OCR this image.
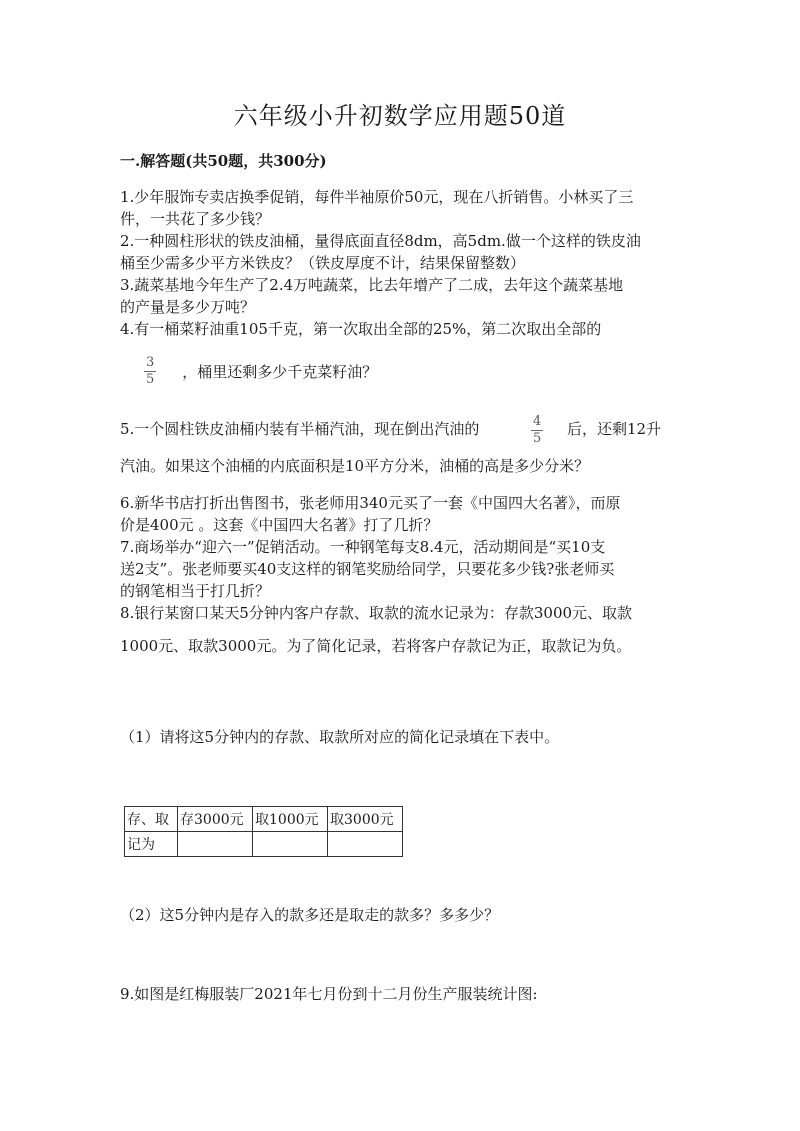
六年级小升初数学应用题50道
一.解答题(共50题，共300分)
1.少年服饰专卖店换季促销，每件半袖原价50元，现在八折销售。小林买了三
件，一共花了多少钱？
2.一种圆柱形状的铁皮油桶，量得底面直径8dm，高5dm.做一个这样的铁皮油
桶至少需多少平方米铁皮？（铁皮厚度不计，结果保留整数）
3.蔬菜基地今年生产了2.4万吨蔬菜，比去年增产了二成，去年这个蔬菜基地
的产量是多少万吨？
4.有一桶菜籽油重105千克，第一次取出全部的25%，第二次取出全部的
$\frac{3}{5}$ ，桶里还剩多少千克菜籽油？
5.一个圆柱铁皮油桶内装有半桶汽油，现在倒出汽油的	$\frac{4}{5}$ 后，还剩12升
汽油。如果这个油桶的内底面积是10平方分米，油桶的高是多少分米？
6.新华书店打折出售图书，张老师用340元买了一套《中国四大名著》，而原
价是400元 。这套《中国四大名著》打了几折？
7.商场举办“迎六一”促销活动。一种钢笔每支8.4元，活动期间是“买10支
送2支”。张老师要买40支这样的钢笔奖励给同学，只要花多少钱?张老师买
的钢笔相当于打几折？
8.银行某窗口某天5分钟内客户存款、取款的流水记录为：存款3000元、取款
1000元、取款3000元。为了简化记录，若将客户存款记为正，取款记为负。
（1）请将这5分钟内的存款、取款所对应的简化记录填在下表中。
存、取	存3000元	取1000元	取3000元
记为			
（2）这5分钟内是存入的款多还是取走的款多？多多少？
9.如图是红梅服装厂2021年七月份到十二月份生产服装统计图:
